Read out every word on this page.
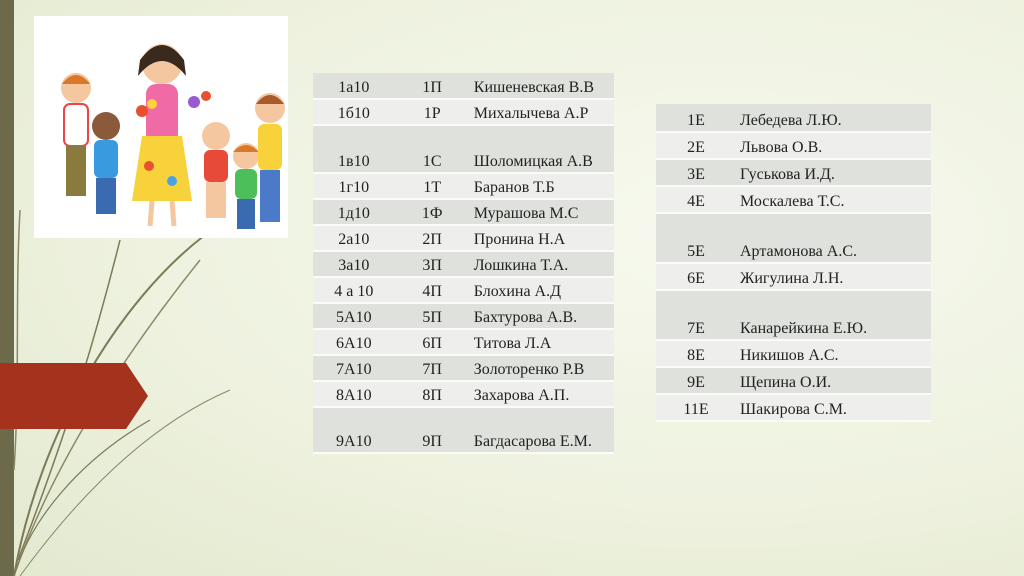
1а10	1П	Кишеневская В.В
1б10	1Р	Михалычева А.Р
1в10	1С	Шоломицкая А.В
1г10	1Т	Баранов Т.Б
1д10	1Ф	Мурашова М.С
2а10	2П	Пронина Н.А
3а10	3П	Лошкина Т.А.
4 а 10	4П	Блохина А.Д
5А10	5П	Бахтурова А.В.
6А10	6П	Титова Л.А
7А10	7П	Золоторенко Р.В
8А10	8П	Захарова А.П.
9А10	9П	Багдасарова Е.М.
1Е	Лебедева Л.Ю.
2Е	Львова О.В.
3Е	Гуськова И.Д.
4Е	Москалева Т.С.
5Е	Артамонова А.С.
6Е	Жигулина Л.Н.
7Е	Канарейкина Е.Ю.
8Е	Никишов А.С.
9Е	Щепина О.И.
11Е	Шакирова С.М.
